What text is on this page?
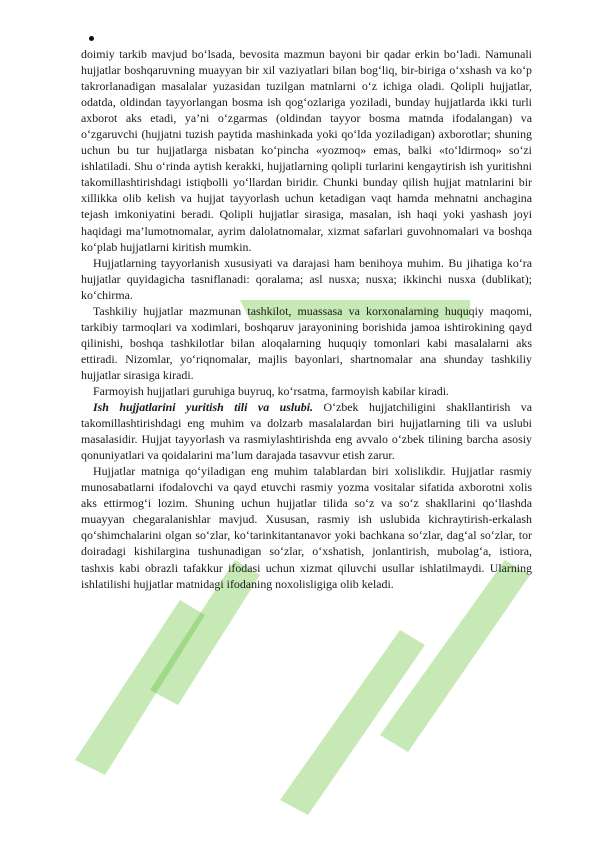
doimiy tarkib mavjud bo‘lsada, bevosita mazmun bayoni bir qadar erkin bo‘ladi. Namunali hujjatlar boshqaruvning muayyan bir xil vaziyatlari bilan bog‘liq, bir-biriga o‘xshash va ko‘p takrorlanadigan masalalar yuzasidan tuzilgan matnlarni o‘z ichiga oladi. Qolipli hujjatlar, odatda, oldindan tayyorlangan bosma ish qog‘ozlariga yoziladi, bunday hujjatlarda ikki turli axborot aks etadi, ya’ni o‘zgarmas (oldindan tayyor bosma matnda ifodalangan) va o‘zgaruvchi (hujjatni tuzish paytida mashinkada yoki qo‘lda yoziladigan) axborotlar; shuning uchun bu tur hujjatlarga nisbatan ko‘pincha «yozmoq» emas, balki «to‘ldirmoq» so‘zi ishlatiladi. Shu o‘rinda aytish kerakki, hujjatlarning qolipli turlarini kengaytirish ish yuritishni takomillashtirishdagi istiqbolli yo‘llardan biridir. Chunki bunday qilish hujjat matnlarini bir xillikka olib kelish va hujjat tayyorlash uchun ketadigan vaqt hamda mehnatni anchagina tejash imkoniyatini beradi. Qolipli hujjatlar sirasiga, masalan, ish haqi yoki yashash joyi haqidagi ma’lumotnomalar, ayrim dalolatnomalar, xizmat safarlari guvohnomalari va boshqa ko‘plab hujjatlarni kiritish mumkin.

Hujjatlarning tayyorlanish xususiyati va darajasi ham benihoya muhim. Bu jihatiga ko‘ra hujjatlar quyidagicha tasniflanadi: qoralama; asl nusxa; nusxa; ikkinchi nusxa (dublikat); ko‘chirma.

Tashkiliy hujjatlar mazmunan tashkilot, muassasa va korxonalarning huquqiy maqomi, tarkibiy tarmoqlari va xodimlari, boshqaruv jarayonining borishida jamoa ishtirokining qayd qilinishi, boshqa tashkilotlar bilan aloqalarning huquqiy tomonlari kabi masalalarni aks ettiradi. Nizomlar, yo‘riqnomalar, majlis bayonlari, shartnomalar ana shunday tashkiliy hujjatlar sirasiga kiradi.

Farmoyish hujjatlari guruhiga buyruq, ko‘rsatma, farmoyish kabilar kiradi.

Ish hujjatlarini yuritish tili va uslubi. O‘zbek hujjatchiligini shakllantirish va takomillashtirishdagi eng muhim va dolzarb masalalardan biri hujjatlarning tili va uslubi masalasidir. Hujjat tayyorlash va rasmiylashtirishda eng avvalo o‘zbek tilining barcha asosiy qonuniyatlari va qoidalarini ma’lum darajada tasavvur etish zarur.

Hujjatlar matniga qo‘yiladigan eng muhim talablardan biri xolislikdir. Hujjatlar rasmiy munosabatlarni ifodalovchi va qayd etuvchi rasmiy yozma vositalar sifatida axborotni xolis aks ettirmog‘i lozim. Shuning uchun hujjatlar tilida so‘z va so‘z shakllarini qo‘llashda muayyan chegaralanishlar mavjud. Xususan, rasmiy ish uslubida kichraytirish-erkalash qo‘shimchalarini olgan so‘zlar, ko‘tarinkitantanavor yoki bachkana so‘zlar, dag‘al so‘zlar, tor doiradagi kishilargina tushunadigan so‘zlar, o‘xshatish, jonlantirish, mubolag‘a, istiora, tashxis kabi obrazli tafakkur ifodasi uchun xizmat qiluvchi usullar ishlatilmaydi. Ularning ishlatilishi hujjatlar matnidagi ifodaning noxolisligiga olib keladi.
